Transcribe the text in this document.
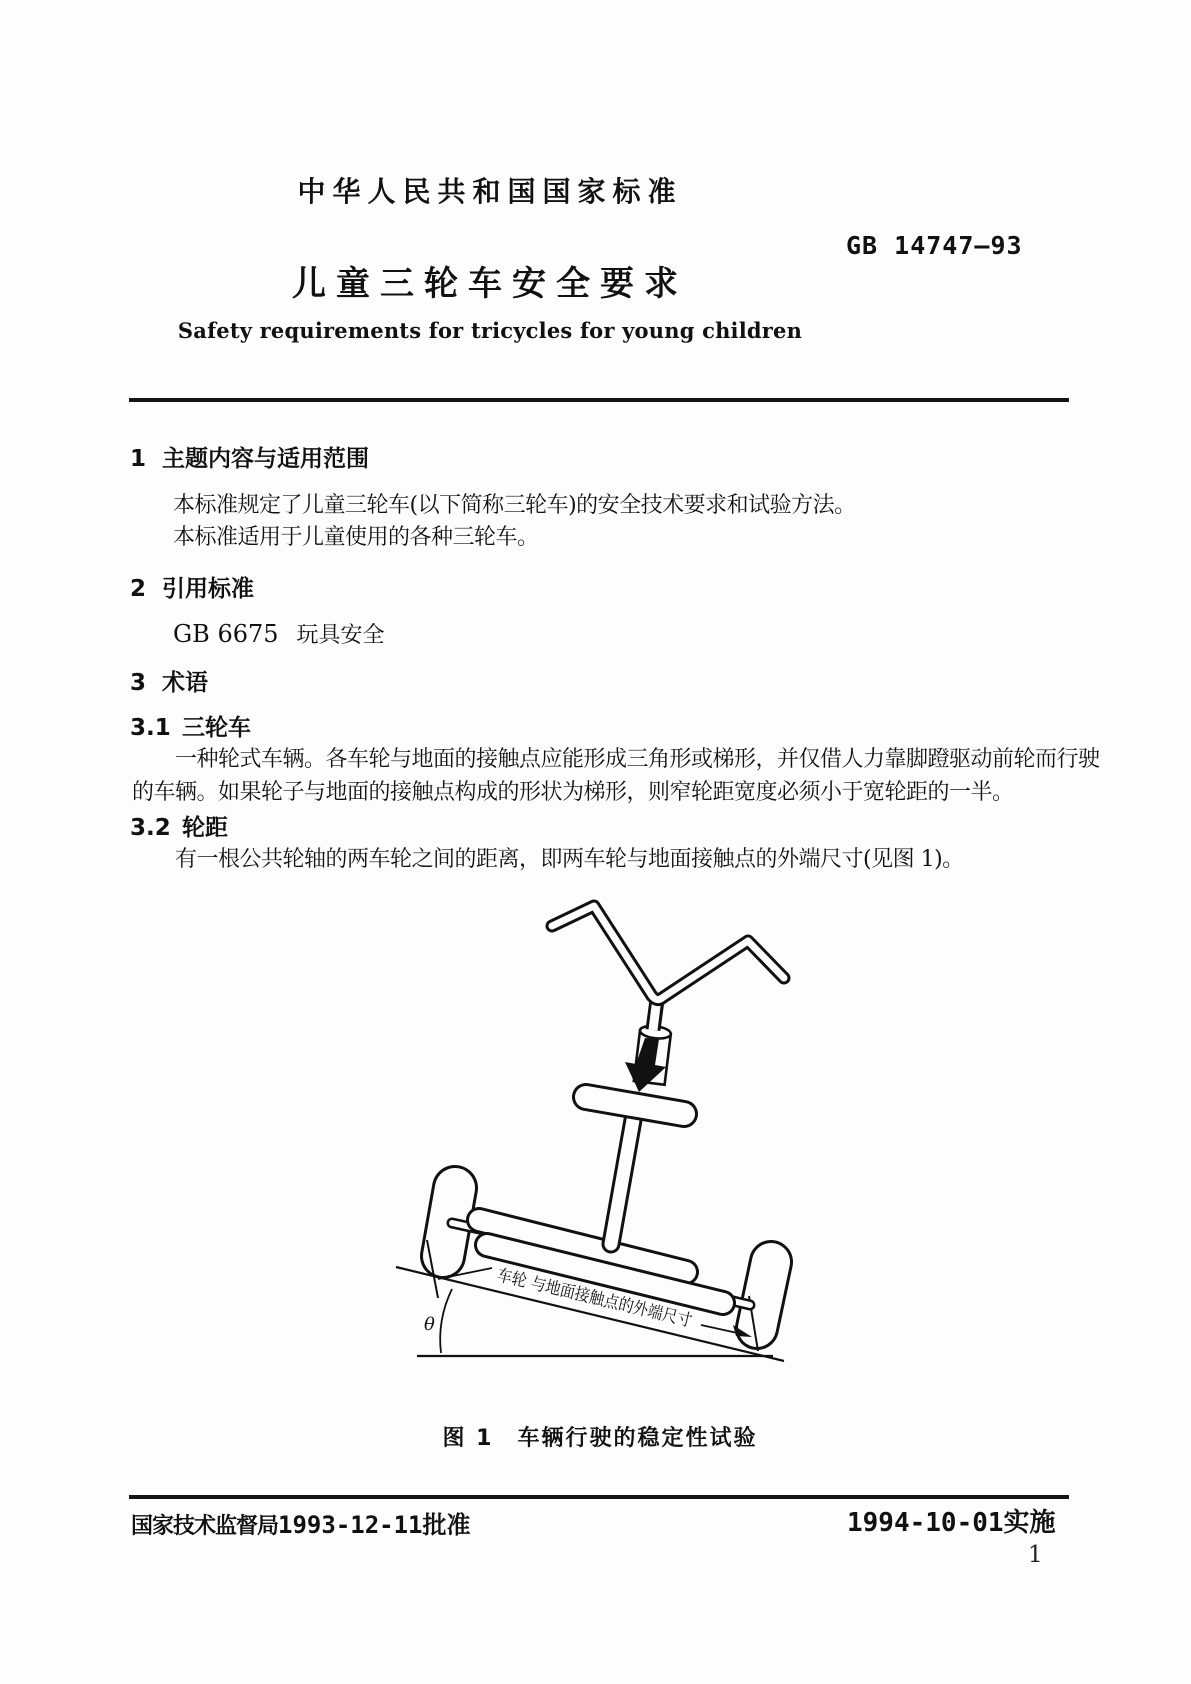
中华人民共和国国家标准
GB 14747—93
儿童三轮车安全要求
Safety requirements for tricycles for young children
1 主题内容与适用范围
本标准规定了儿童三轮车(以下简称三轮车)的安全技术要求和试验方法。
本标准适用于儿童使用的各种三轮车。
2 引用标准
GB 6675 玩具安全
3 术语
3.1 三轮车
一种轮式车辆。各车轮与地面的接触点应能形成三角形或梯形，并仅借人力靠脚蹬驱动前轮而行驶
的车辆。如果轮子与地面的接触点构成的形状为梯形，则窄轮距宽度必须小于宽轮距的一半。
3.2 轮距
有一根公共轮轴的两车轮之间的距离，即两车轮与地面接触点的外端尺寸(见图 1)。
θ	车轮 与地面接触点的外端尺寸
图 1　车辆行驶的稳定性试验
国家技术监督局1993-12-11批准	1994-10-01实施
1
